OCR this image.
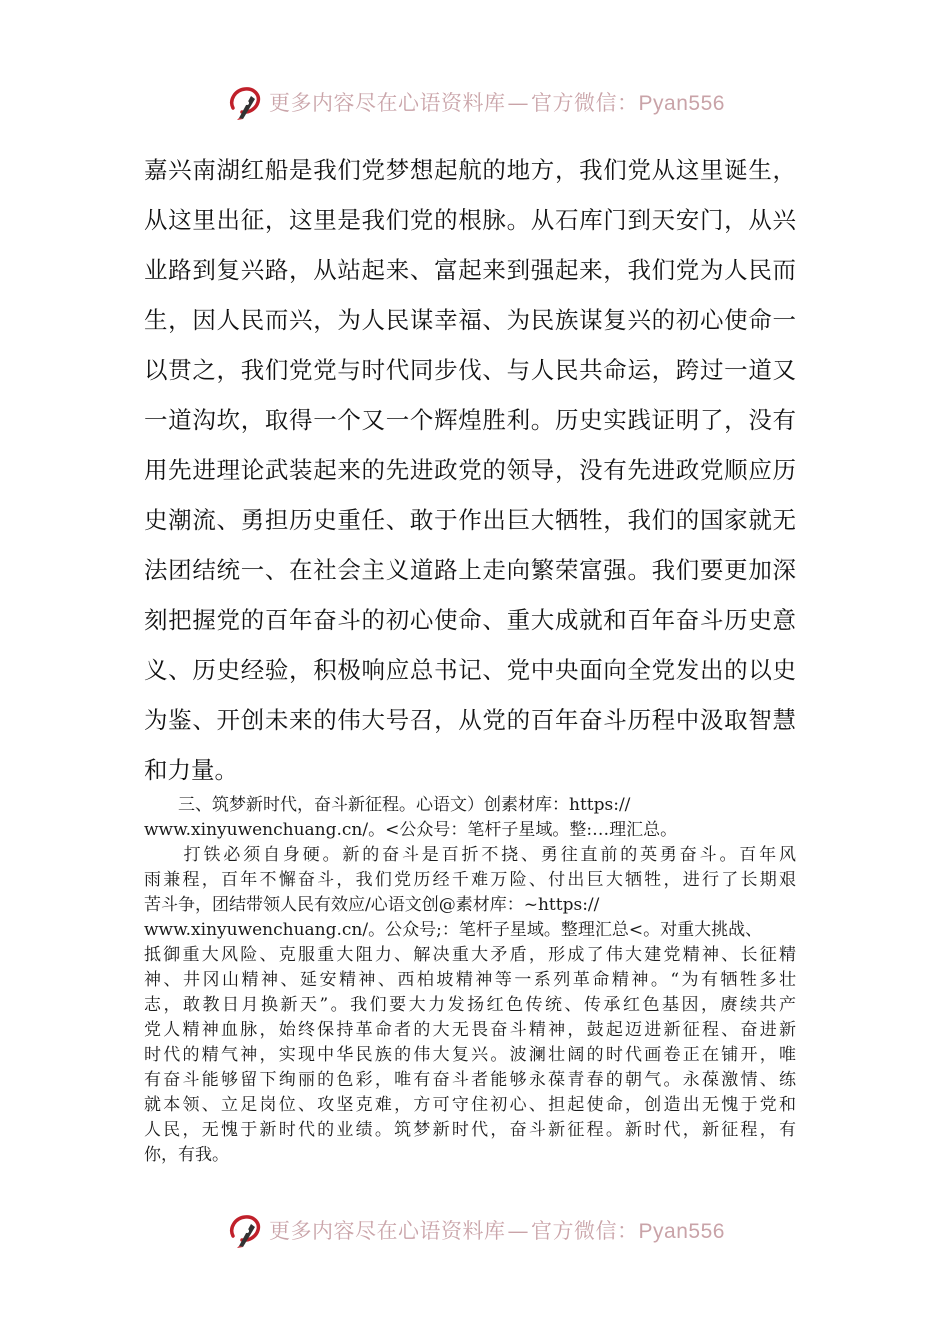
更多内容尽在心语资料库—官方微信：Pyan556

嘉兴南湖红船是我们党梦想起航的地方，我们党从这里诞生，
从这里出征，这里是我们党的根脉。从石库门到天安门，从兴
业路到复兴路，从站起来、富起来到强起来，我们党为人民而
生，因人民而兴，为人民谋幸福、为民族谋复兴的初心使命一
以贯之，我们党党与时代同步伐、与人民共命运，跨过一道又
一道沟坎，取得一个又一个辉煌胜利。历史实践证明了，没有
用先进理论武装起来的先进政党的领导，没有先进政党顺应历
史潮流、勇担历史重任、敢于作出巨大牺牲，我们的国家就无
法团结统一、在社会主义道路上走向繁荣富强。我们要更加深
刻把握党的百年奋斗的初心使命、重大成就和百年奋斗历史意
义、历史经验，积极响应总书记、党中央面向全党发出的以史
为鉴、开创未来的伟大号召，从党的百年奋斗历程中汲取智慧
和力量。

　　三、筑梦新时代，奋斗新征程。心语文）创素材库：https://
www.xinyuwenchuang.cn/。<公众号：笔杆子星域。整:…理汇总。

　　打铁必须自身硬。新的奋斗是百折不挠、勇往直前的英勇奋斗。百年风
雨兼程，百年不懈奋斗，我们党历经千难万险、付出巨大牺牲，进行了长期艰
苦斗争，团结带领人民有效应/心语文创@素材库：~https://
www.xinyuwenchuang.cn/。公众号;：笔杆子星域。整理汇总<。对重大挑战、
抵御重大风险、克服重大阻力、解决重大矛盾，形成了伟大建党精神、长征精
神、井冈山精神、延安精神、西柏坡精神等一系列革命精神。“为有牺牲多壮
志，敢教日月换新天”。我们要大力发扬红色传统、传承红色基因，赓续共产
党人精神血脉，始终保持革命者的大无畏奋斗精神，鼓起迈进新征程、奋进新
时代的精气神，实现中华民族的伟大复兴。波澜壮阔的时代画卷正在铺开，唯
有奋斗能够留下绚丽的色彩，唯有奋斗者能够永葆青春的朝气。永葆激情、练
就本领、立足岗位、攻坚克难，方可守住初心、担起使命，创造出无愧于党和
人民，无愧于新时代的业绩。筑梦新时代，奋斗新征程。新时代，新征程，有
你，有我。

更多内容尽在心语资料库—官方微信：Pyan556
